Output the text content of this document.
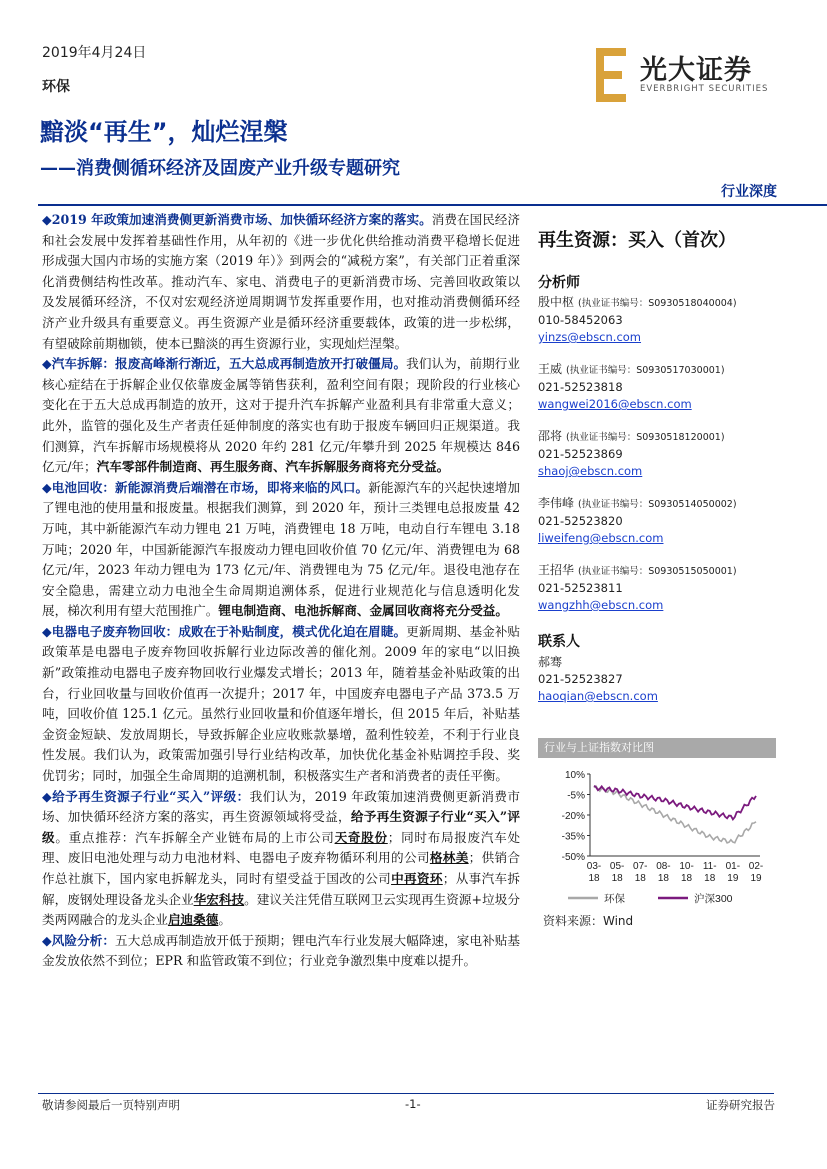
2019年4月24日
环保
光大证券
EVERBRIGHT SECURITIES
黯淡“再生”，灿烂涅槃
——消费侧循环经济及固废产业升级专题研究
行业深度

◆2019 年政策加速消费侧更新消费市场、加快循环经济方案的落实。消费在国民经济和社会发展中发挥着基础性作用，从年初的《进一步优化供给推动消费平稳增长促进形成强大国内市场的实施方案（2019 年）》到两会的“减税方案”，有关部门正着重深化消费侧结构性改革。推动汽车、家电、消费电子的更新消费市场、完善回收政策以及发展循环经济，不仅对宏观经济逆周期调节发挥重要作用，也对推动消费侧循环经济产业升级具有重要意义。再生资源产业是循环经济重要载体，政策的进一步松绑，有望破除前期枷锁，使本已黯淡的再生资源行业，实现灿烂涅槃。

◆汽车拆解：报废高峰渐行渐近，五大总成再制造放开打破僵局。我们认为，前期行业核心症结在于拆解企业仅依靠废金属等销售获利，盈利空间有限；现阶段的行业核心变化在于五大总成再制造的放开，这对于提升汽车拆解产业盈利具有非常重大意义；此外，监管的强化及生产者责任延伸制度的落实也有助于报废车辆回归正规渠道。我们测算，汽车拆解市场规模将从 2020 年约 281 亿元/年攀升到 2025 年规模达 846 亿元/年；汽车零部件制造商、再生服务商、汽车拆解服务商将充分受益。

◆电池回收：新能源消费后端潜在市场，即将来临的风口。新能源汽车的兴起快速增加了锂电池的使用量和报废量。根据我们测算，到 2020 年，预计三类锂电总报废量 42 万吨，其中新能源汽车动力锂电 21 万吨，消费锂电 18 万吨，电动自行车锂电 3.18 万吨；2020 年，中国新能源汽车报废动力锂电回收价值 70 亿元/年、消费锂电为 68 亿元/年，2023 年动力锂电为 173 亿元/年、消费锂电为 75 亿元/年。退役电池存在安全隐患，需建立动力电池全生命周期追溯体系，促进行业规范化与信息透明化发展，梯次利用有望大范围推广。锂电制造商、电池拆解商、金属回收商将充分受益。

◆电器电子废弃物回收：成败在于补贴制度，模式优化迫在眉睫。更新周期、基金补贴政策革是电器电子废弃物回收拆解行业边际改善的催化剂。2009 年的家电“以旧换新”政策推动电器电子废弃物回收行业爆发式增长；2013 年，随着基金补贴政策的出台，行业回收量与回收价值再一次提升；2017 年，中国废弃电器电子产品 373.5 万吨，回收价值 125.1 亿元。虽然行业回收量和价值逐年增长，但 2015 年后，补贴基金资金短缺、发放周期长，导致拆解企业应收账款暴增，盈利性较差，不利于行业良性发展。我们认为，政策需加强引导行业结构改革，加快优化基金补贴调控手段、奖优罚劣；同时，加强全生命周期的追溯机制，积极落实生产者和消费者的责任平衡。

◆给予再生资源子行业“买入”评级：我们认为，2019 年政策加速消费侧更新消费市场、加快循环经济方案的落实，再生资源领域将受益，给予再生资源子行业“买入”评级。重点推荐：汽车拆解全产业链布局的上市公司天奇股份；同时布局报废汽车处理、废旧电池处理与动力电池材料、电器电子废弃物循环利用的公司格林美；供销合作总社旗下，国内家电拆解龙头，同时有望受益于国改的公司中再资环；从事汽车拆解，废钢处理设备龙头企业华宏科技。建议关注凭借互联网卫云实现再生资源+垃圾分类两网融合的龙头企业启迪桑德。

◆风险分析：五大总成再制造放开低于预期；锂电汽车行业发展大幅降速，家电补贴基金发放依然不到位；EPR 和监管政策不到位；行业竞争激烈集中度难以提升。

再生资源：买入（首次）
分析师
殷中枢 (执业证书编号：S0930518040004)
010-58452063
yinzs@ebscn.com
王威 (执业证书编号：S0930517030001)
021-52523818
wangwei2016@ebscn.com
邵将 (执业证书编号：S0930518120001)
021-52523869
shaoj@ebscn.com
李伟峰 (执业证书编号：S0930514050002)
021-52523820
liweifeng@ebscn.com
王招华 (执业证书编号：S0930515050001)
021-52523811
wangzhh@ebscn.com
联系人
郝骞
021-52523827
haoqian@ebscn.com
行业与上证指数对比图
10%
-5%
-20%
-35%
-50%
03-
18
05-
18
07-
18
08-
18
10-
18
11-
18
01-
19
02-
19
环保	沪深300
资料来源：Wind
敬请参阅最后一页特别声明	-1-	证券研究报告
